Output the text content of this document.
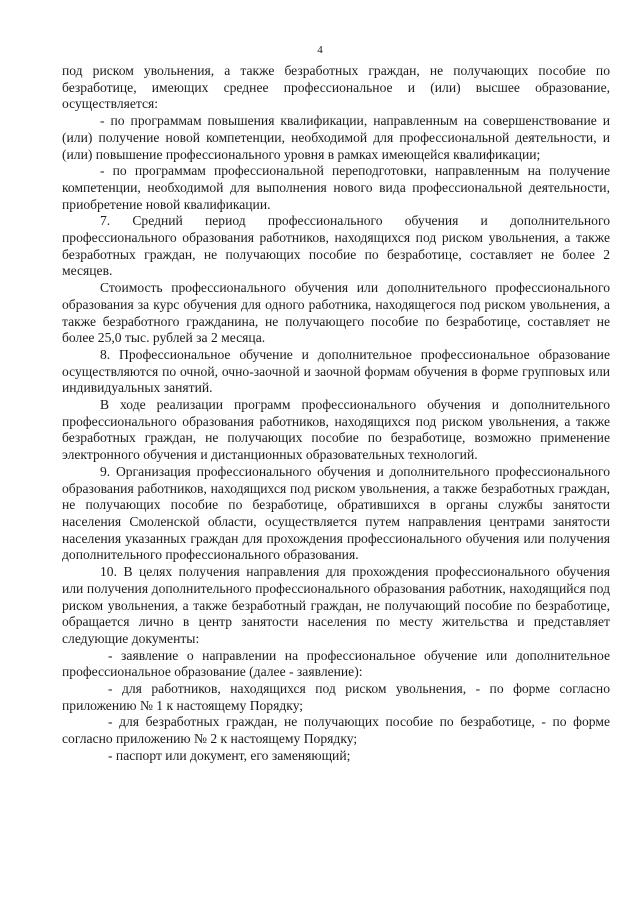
4

под риском увольнения, а также безработных граждан, не получающих пособие по безработице, имеющих среднее профессиональное и (или) высшее образование, осуществляется:

- по программам повышения квалификации, направленным на совершенствование и (или) получение новой компетенции, необходимой для профессиональной деятельности, и (или) повышение профессионального уровня в рамках имеющейся квалификации;

- по программам профессиональной переподготовки, направленным на получение компетенции, необходимой для выполнения нового вида профессиональной деятельности, приобретение новой квалификации.

7. Средний период профессионального обучения и дополнительного профессионального образования работников, находящихся под риском увольнения, а также безработных граждан, не получающих пособие по безработице, составляет не более 2 месяцев.

Стоимость профессионального обучения или дополнительного профессионального образования за курс обучения для одного работника, находящегося под риском увольнения, а также безработного гражданина, не получающего пособие по безработице, составляет не более 25,0 тыс. рублей за 2 месяца.

8. Профессиональное обучение и дополнительное профессиональное образование осуществляются по очной, очно-заочной и заочной формам обучения в форме групповых или индивидуальных занятий.

В ходе реализации программ профессионального обучения и дополнительного профессионального образования работников, находящихся под риском увольнения, а также безработных граждан, не получающих пособие по безработице, возможно применение электронного обучения и дистанционных образовательных технологий.

9. Организация профессионального обучения и дополнительного профессионального образования работников, находящихся под риском увольнения, а также безработных граждан, не получающих пособие по безработице, обратившихся в органы службы занятости населения Смоленской области, осуществляется путем направления центрами занятости населения указанных граждан для прохождения профессионального обучения или получения дополнительного профессионального образования.

10. В целях получения направления для прохождения профессионального обучения или получения дополнительного профессионального образования работник, находящийся под риском увольнения, а также безработный граждан, не получающий пособие по безработице, обращается лично в центр занятости населения по месту жительства и представляет следующие документы:

- заявление о направлении на профессиональное обучение или дополнительное профессиональное образование (далее - заявление):

- для работников, находящихся под риском увольнения, - по форме согласно приложению № 1 к настоящему Порядку;

- для безработных граждан, не получающих пособие по безработице, - по форме согласно приложению № 2 к настоящему Порядку;

- паспорт или документ, его заменяющий;
